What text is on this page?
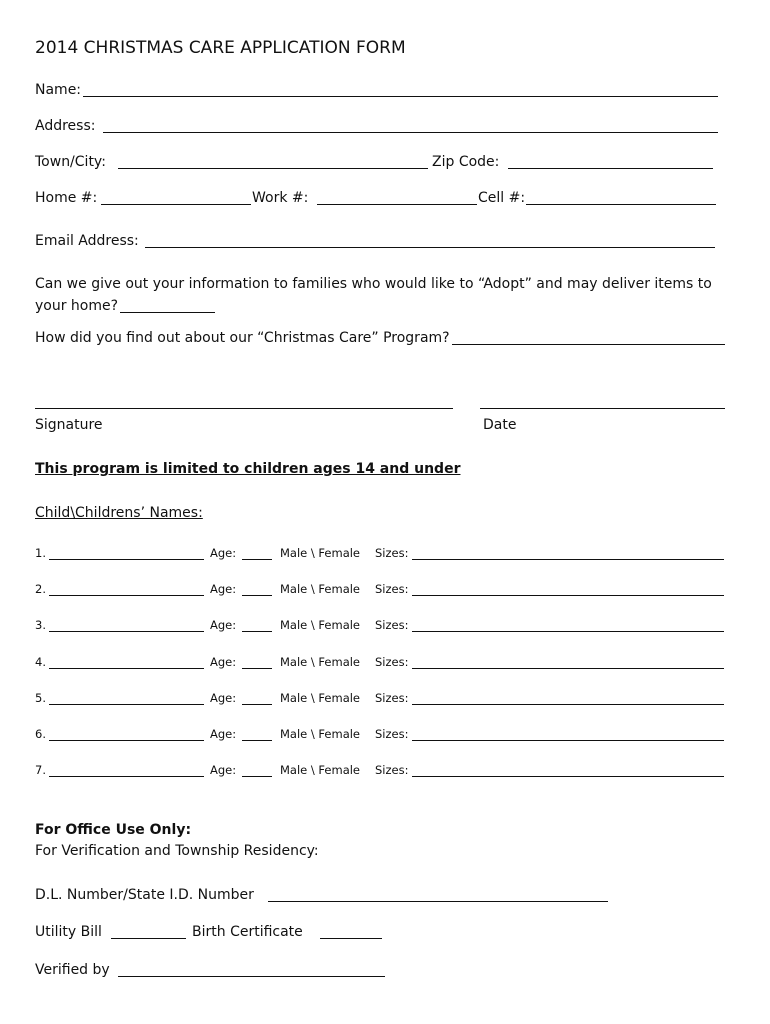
2014 CHRISTMAS CARE APPLICATION FORM
Name:
Address:
Town/City:	Zip Code:
Home #:	Work #:	Cell #:
Email Address:
Can we give out your information to families who would like to “Adopt” and may deliver items to
your home?
How did you find out about our “Christmas Care” Program?
Signature	Date
This program is limited to children ages 14 and under
Child\Childrens’ Names:
1.	Age:	Male \ Female Sizes:
2.	Age:	Male \ Female Sizes:
3.	Age:	Male \ Female Sizes:
4.	Age:	Male \ Female Sizes:
5.	Age:	Male \ Female Sizes:
6.	Age:	Male \ Female Sizes:
7.	Age:	Male \ Female Sizes:
For Office Use Only:
For Verification and Township Residency:
D.L. Number/State I.D. Number
Utility Bill	Birth Certificate
Verified by
